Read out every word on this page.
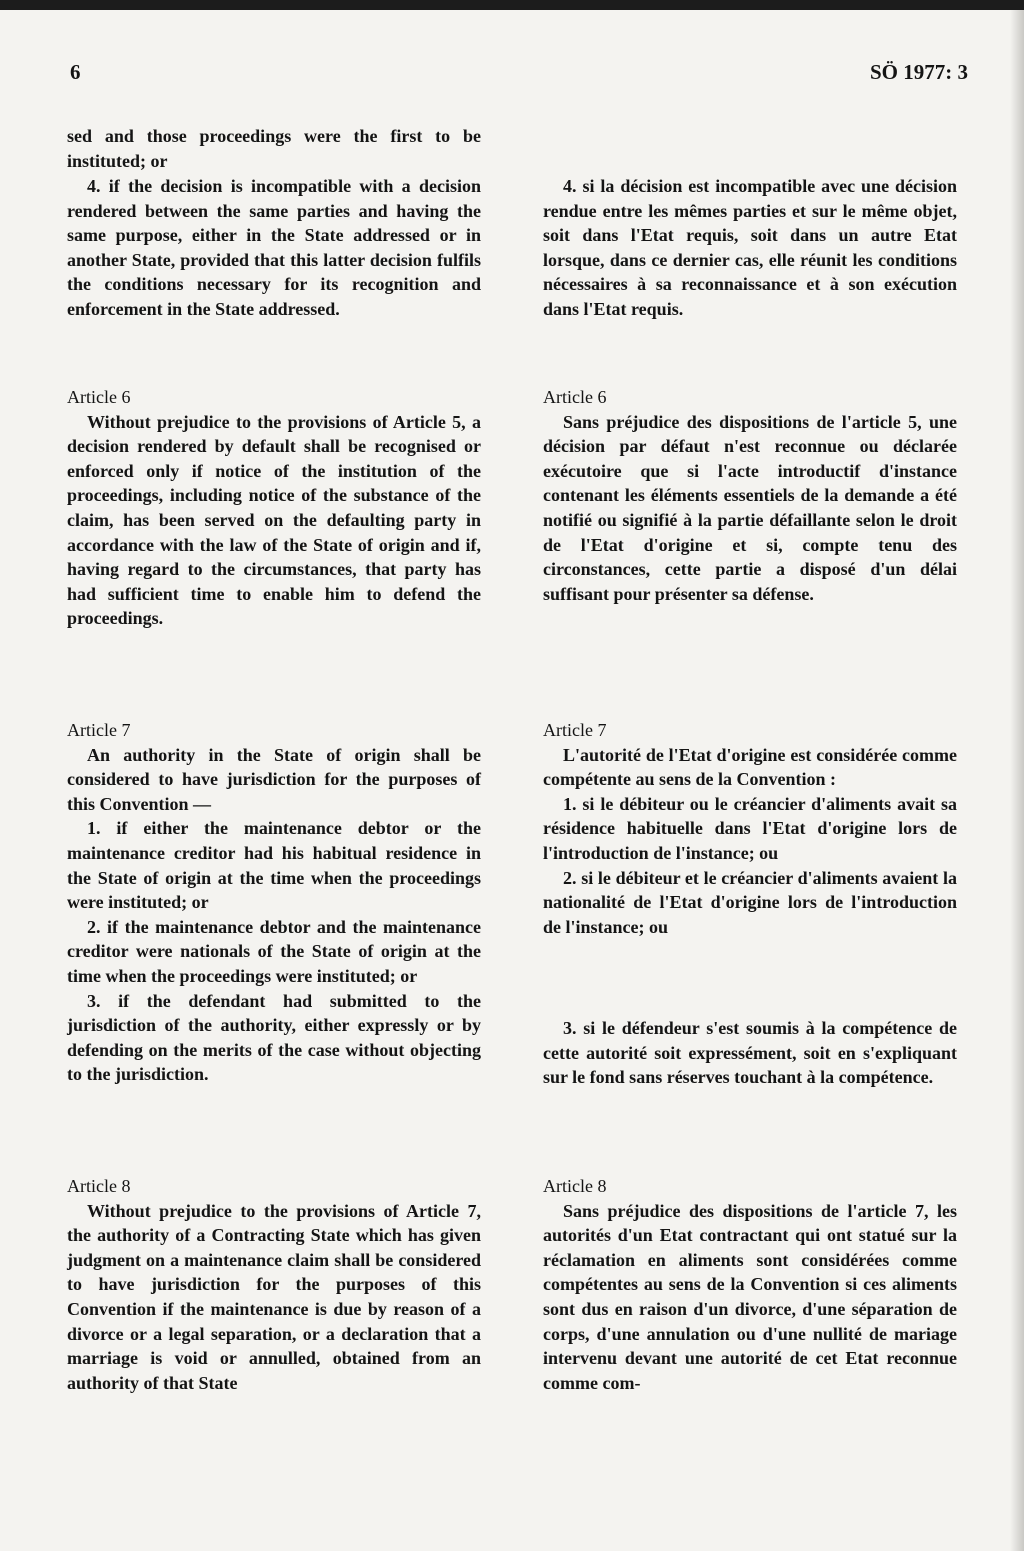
6	SÖ 1977: 3

sed and those proceedings were the first to be instituted; or

4. if the decision is incompatible with a decision rendered between the same parties and having the same purpose, either in the State addressed or in another State, provided that this latter decision fulfils the conditions necessary for its recognition and enforcement in the State addressed.

Article 6

Without prejudice to the provisions of Article 5, a decision rendered by default shall be recognised or enforced only if notice of the institution of the proceedings, including notice of the substance of the claim, has been served on the defaulting party in accordance with the law of the State of origin and if, having regard to the circumstances, that party has had sufficient time to enable him to defend the proceedings.

Article 7

An authority in the State of origin shall be considered to have jurisdiction for the purposes of this Convention —

1. if either the maintenance debtor or the maintenance creditor had his habitual residence in the State of origin at the time when the proceedings were instituted; or

2. if the maintenance debtor and the maintenance creditor were nationals of the State of origin at the time when the proceedings were instituted; or

3. if the defendant had submitted to the jurisdiction of the authority, either expressly or by defending on the merits of the case without objecting to the jurisdiction.

Article 8

Without prejudice to the provisions of Article 7, the authority of a Contracting State which has given judgment on a maintenance claim shall be considered to have jurisdiction for the purposes of this Convention if the maintenance is due by reason of a divorce or a legal separation, or a declaration that a marriage is void or annulled, obtained from an authority of that State

4. si la décision est incompatible avec une décision rendue entre les mêmes parties et sur le même objet, soit dans l'Etat requis, soit dans un autre Etat lorsque, dans ce dernier cas, elle réunit les conditions nécessaires à sa reconnaissance et à son exécution dans l'Etat requis.

Article 6

Sans préjudice des dispositions de l'article 5, une décision par défaut n'est reconnue ou déclarée exécutoire que si l'acte introductif d'instance contenant les éléments essentiels de la demande a été notifié ou signifié à la partie défaillante selon le droit de l'Etat d'origine et si, compte tenu des circonstances, cette partie a disposé d'un délai suffisant pour présenter sa défense.

Article 7

L'autorité de l'Etat d'origine est considérée comme compétente au sens de la Convention :

1. si le débiteur ou le créancier d'aliments avait sa résidence habituelle dans l'Etat d'origine lors de l'introduction de l'instance; ou

2. si le débiteur et le créancier d'aliments avaient la nationalité de l'Etat d'origine lors de l'introduction de l'instance; ou

3. si le défendeur s'est soumis à la compétence de cette autorité soit expressément, soit en s'expliquant sur le fond sans réserves touchant à la compétence.

Article 8

Sans préjudice des dispositions de l'article 7, les autorités d'un Etat contractant qui ont statué sur la réclamation en aliments sont considérées comme compétentes au sens de la Convention si ces aliments sont dus en raison d'un divorce, d'une séparation de corps, d'une annulation ou d'une nullité de mariage intervenu devant une autorité de cet Etat reconnue comme com-
